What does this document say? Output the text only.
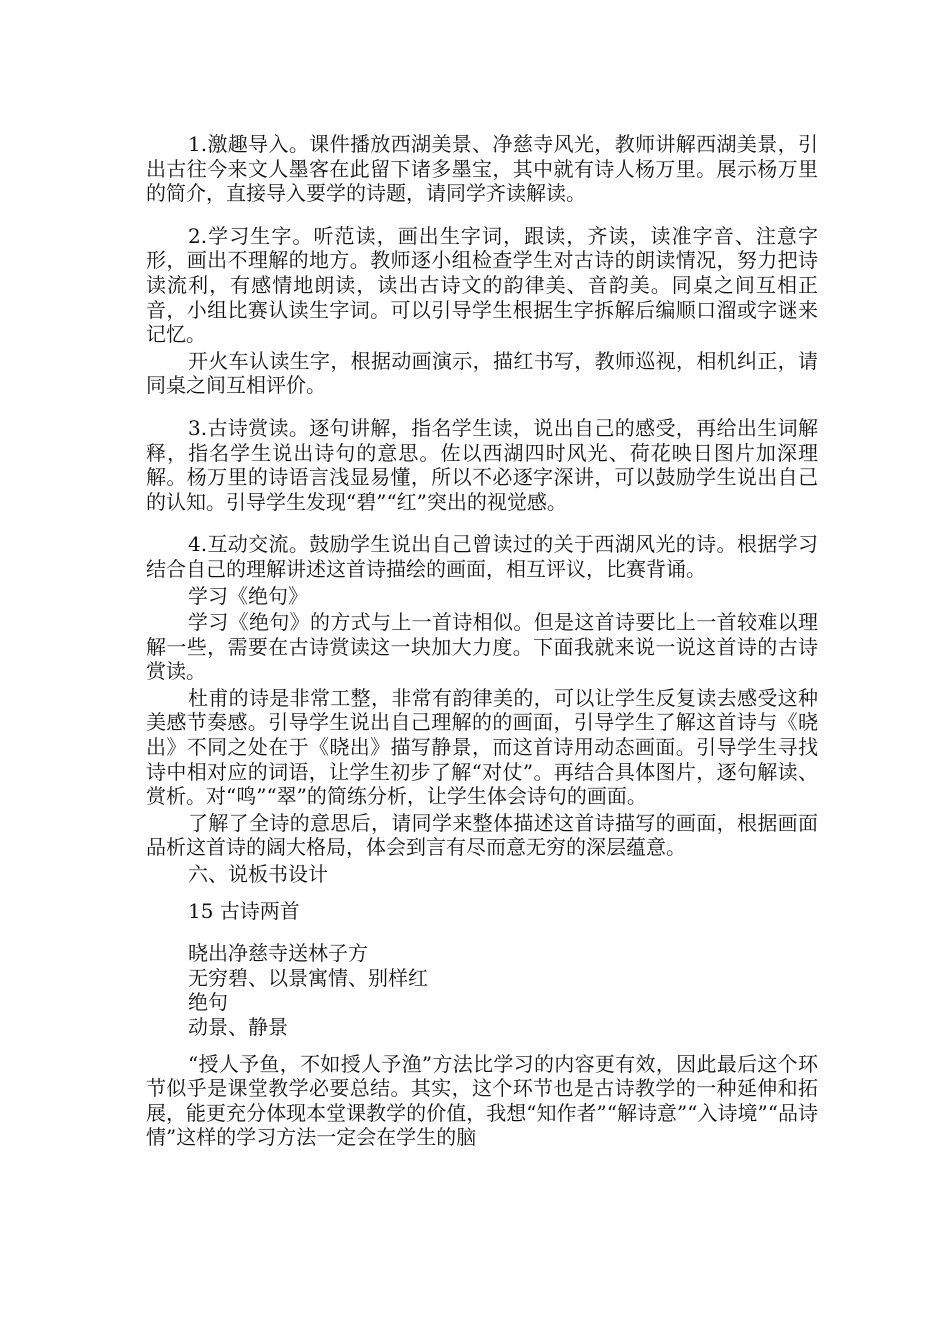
1.激趣导入。课件播放西湖美景、净慈寺风光，教师讲解西湖美景，引出古往今来文人墨客在此留下诸多墨宝，其中就有诗人杨万里。展示杨万里的简介，直接导入要学的诗题，请同学齐读解读。

2.学习生字。听范读，画出生字词，跟读，齐读，读准字音、注意字形，画出不理解的地方。教师逐小组检查学生对古诗的朗读情况，努力把诗读流利，有感情地朗读，读出古诗文的韵律美、音韵美。同桌之间互相正音，小组比赛认读生字词。可以引导学生根据生字拆解后编顺口溜或字谜来记忆。

开火车认读生字，根据动画演示，描红书写，教师巡视，相机纠正，请同桌之间互相评价。

3.古诗赏读。逐句讲解，指名学生读，说出自己的感受，再给出生词解释，指名学生说出诗句的意思。佐以西湖四时风光、荷花映日图片加深理解。杨万里的诗语言浅显易懂，所以不必逐字深讲，可以鼓励学生说出自己的认知。引导学生发现“碧”“红”突出的视觉感。

4.互动交流。鼓励学生说出自己曾读过的关于西湖风光的诗。根据学习结合自己的理解讲述这首诗描绘的画面，相互评议，比赛背诵。

学习《绝句》

学习《绝句》的方式与上一首诗相似。但是这首诗要比上一首较难以理解一些，需要在古诗赏读这一块加大力度。下面我就来说一说这首诗的古诗赏读。

杜甫的诗是非常工整，非常有韵律美的，可以让学生反复读去感受这种美感节奏感。引导学生说出自己理解的的画面，引导学生了解这首诗与《晓出》不同之处在于《晓出》描写静景，而这首诗用动态画面。引导学生寻找诗中相对应的词语，让学生初步了解“对仗”。再结合具体图片，逐句解读、赏析。对“鸣”“翠”的简练分析，让学生体会诗句的画面。

了解了全诗的意思后，请同学来整体描述这首诗描写的画面，根据画面品析这首诗的阔大格局，体会到言有尽而意无穷的深层蕴意。

六、说板书设计

15 古诗两首

晓出净慈寺送林子方

无穷碧、以景寓情、别样红

绝句

动景、静景

“授人予鱼，不如授人予渔”方法比学习的内容更有效，因此最后这个环节似乎是课堂教学必要总结。其实，这个环节也是古诗教学的一种延伸和拓展，能更充分体现本堂课教学的价值，我想“知作者”“解诗意”“入诗境”“品诗情”这样的学习方法一定会在学生的脑
